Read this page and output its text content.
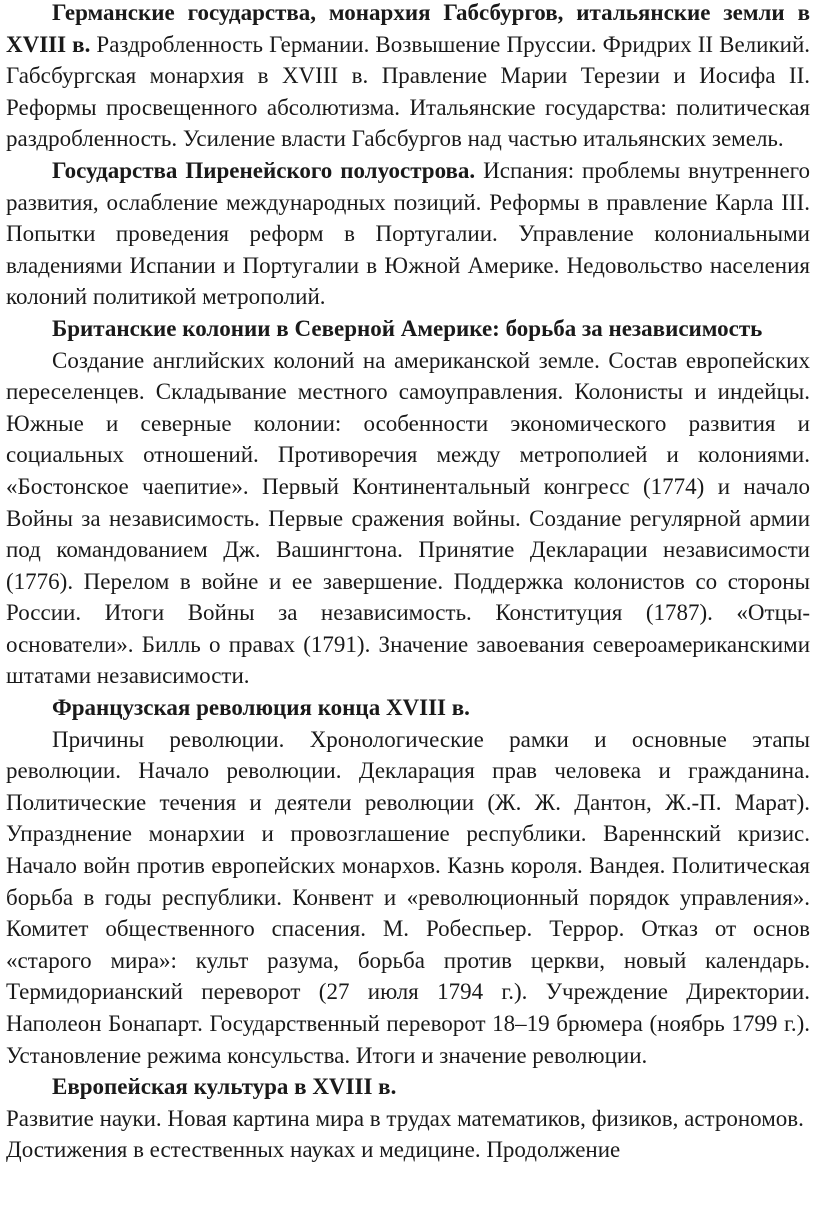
Германские государства, монархия Габсбургов, итальянские земли в XVIII в. Раздробленность Германии. Возвышение Пруссии. Фридрих II Великий. Габсбургская монархия в XVIII в. Правление Марии Терезии и Иосифа II. Реформы просвещенного абсолютизма. Итальянские государства: политическая раздробленность. Усиление власти Габсбургов над частью итальянских земель.

Государства Пиренейского полуострова. Испания: проблемы внутреннего развития, ослабление международных позиций. Реформы в правление Карла III. Попытки проведения реформ в Португалии. Управление колониальными владениями Испании и Португалии в Южной Америке. Недовольство населения колоний политикой метрополий.

Британские колонии в Северной Америке: борьба за независимость

Создание английских колоний на американской земле. Состав европейских переселенцев. Складывание местного самоуправления. Колонисты и индейцы. Южные и северные колонии: особенности экономического развития и социальных отношений. Противоречия между метрополией и колониями. «Бостонское чаепитие». Первый Континентальный конгресс (1774) и начало Войны за независимость. Первые сражения войны. Создание регулярной армии под командованием Дж. Вашингтона. Принятие Декларации независимости (1776). Перелом в войне и ее завершение. Поддержка колонистов со стороны России. Итоги Войны за независимость. Конституция (1787). «Отцы-основатели». Билль о правах (1791). Значение завоевания североамериканскими штатами независимости.

Французская революция конца XVIII в.

Причины революции. Хронологические рамки и основные этапы революции. Начало революции. Декларация прав человека и гражданина. Политические течения и деятели революции (Ж. Ж. Дантон, Ж.-П. Марат). Упразднение монархии и провозглашение республики. Вареннский кризис. Начало войн против европейских монархов. Казнь короля. Вандея. Политическая борьба в годы республики. Конвент и «революционный порядок управления». Комитет общественного спасения. М. Робеспьер. Террор. Отказ от основ «старого мира»: культ разума, борьба против церкви, новый календарь. Термидорианский переворот (27 июля 1794 г.). Учреждение Директории. Наполеон Бонапарт. Государственный переворот 18–19 брюмера (ноябрь 1799 г.). Установление режима консульства. Итоги и значение революции.

Европейская культура в XVIII в.

Развитие науки. Новая картина мира в трудах математиков, физиков, астрономов. Достижения в естественных науках и медицине. Продолжение
